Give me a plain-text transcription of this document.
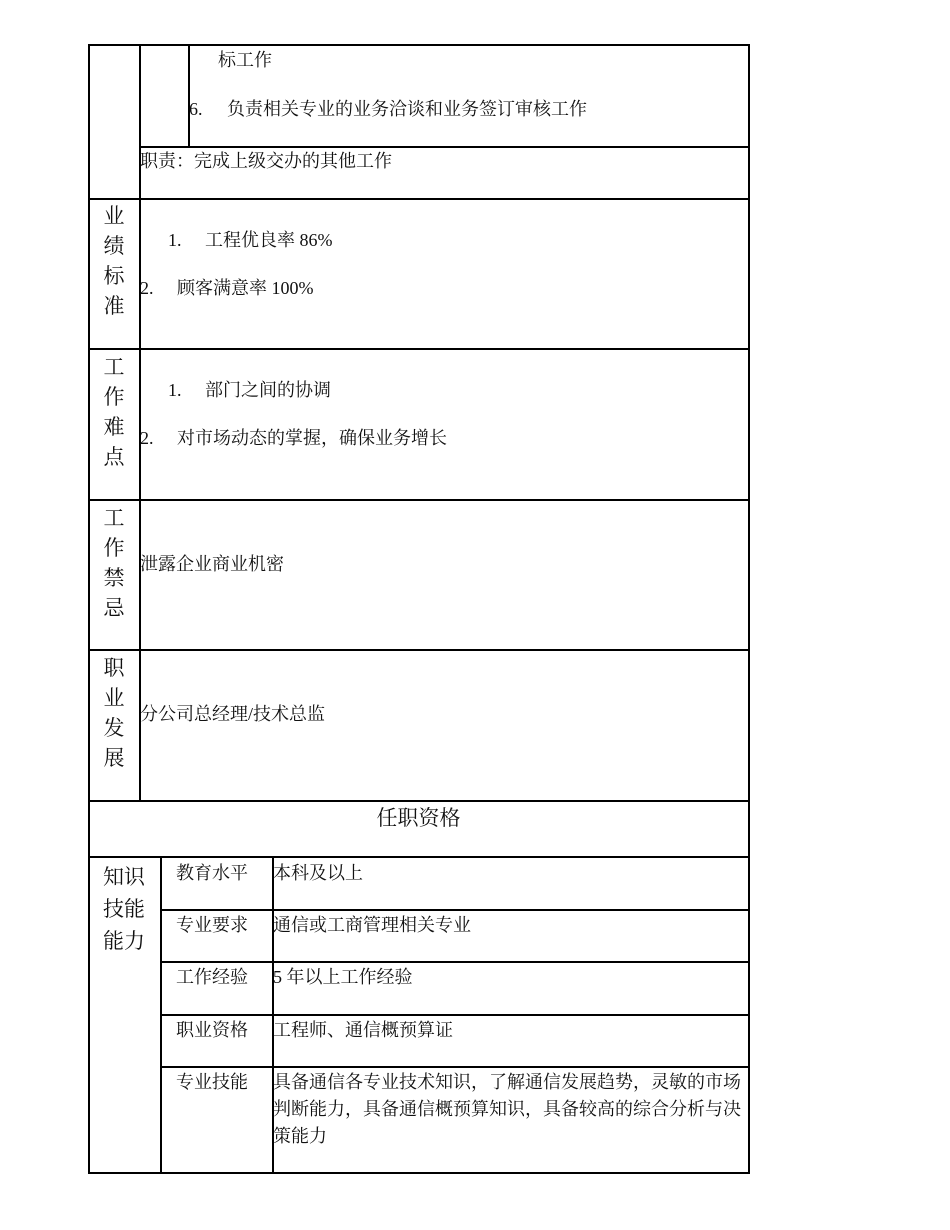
标工作
6. 负责相关专业的业务洽谈和业务签订审核工作
职责：完成上级交办的其他工作
业
绩
标
准
1. 工程优良率 86%
2. 顾客满意率 100%
工
作
难
点
1. 部门之间的协调
2. 对市场动态的掌握，确保业务增长
工
作
禁
忌
泄露企业商业机密
职
业
发
展
分公司总经理/技术总监
任职资格
知识
技能
能力
教育水平 本科及以上
专业要求 通信或工商管理相关专业
工作经验 5 年以上工作经验
职业资格 工程师、通信概预算证
专业技能 具备通信各专业技术知识，了解通信发展趋势，灵敏的市场判断能力，具备通信概预算知识，具备较高的综合分析与决策能力
